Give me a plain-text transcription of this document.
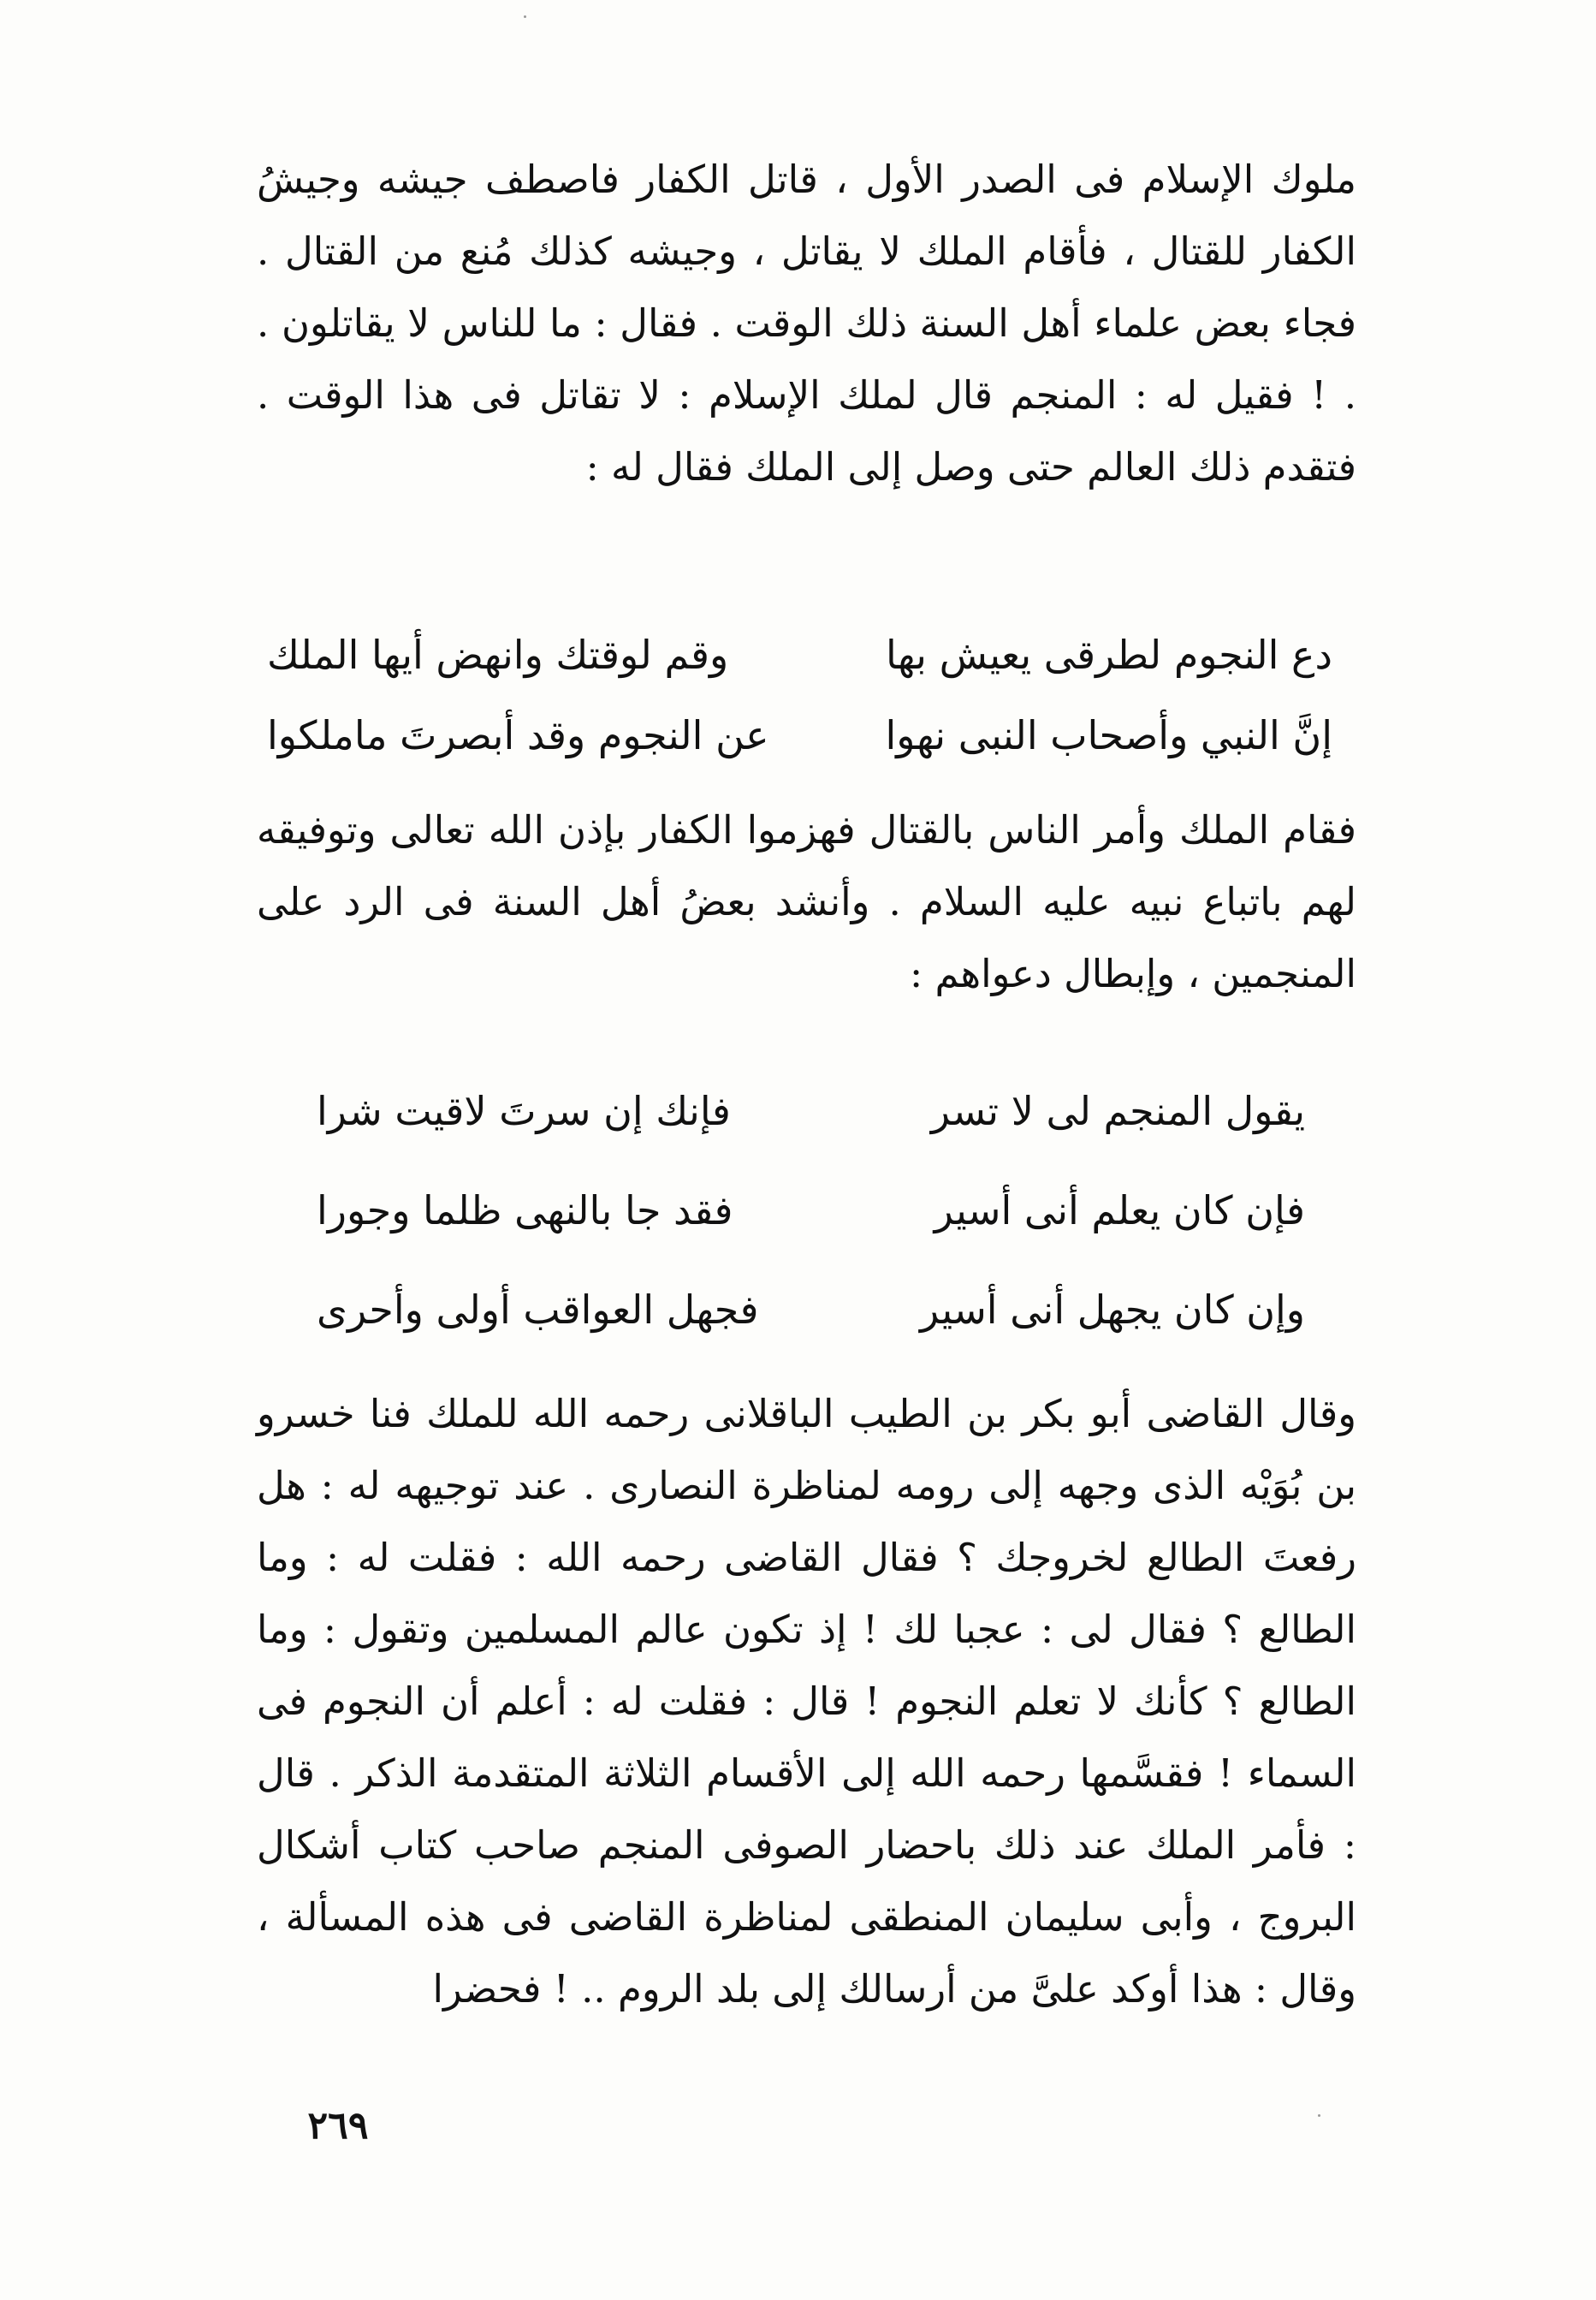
ملوك الإسلام فى الصدر الأول ، قاتل الكفار فاصطف جيشه وجيشُ الكفار للقتال ، فأقام الملك لا يقاتل ، وجيشه كذلك مُنع من القتال . فجاء بعض علماء أهل السنة ذلك الوقت . فقال : ما للناس لا يقاتلون . . ! فقيل له : المنجم قال لملك الإسلام : لا تقاتل فى هذا الوقت . فتقدم ذلك العالم حتى وصل إلى الملك فقال له :

دع النجوم لطرقى يعيش بها
وقم لوقتك وانهض أيها الملك
إنَّ النبي وأصحاب النبى نهوا
عن النجوم وقد أبصرتَ ماملكوا

فقام الملك وأمر الناس بالقتال فهزموا الكفار بإذن الله تعالى وتوفيقه لهم باتباع نبيه عليه السلام . وأنشد بعضُ أهل السنة فى الرد على المنجمين ، وإبطال دعواهم :

يقول المنجم لى لا تسر
فإنك إن سرتَ لاقيت شرا
فإن كان يعلم أنى أسير
فقد جا بالنهى ظلما وجورا
وإن كان يجهل أنى أسير
فجهل العواقب أولى وأحرى

وقال القاضى أبو بكر بن الطيب الباقلانى رحمه الله للملك فنا خسرو بن بُوَيْه الذى وجهه إلى رومه لمناظرة النصارى . عند توجيهه له : هل رفعتَ الطالع لخروجك ؟ فقال القاضى رحمه الله : فقلت له : وما الطالع ؟ فقال لى : عجبا لك ! إذ تكون عالم المسلمين وتقول : وما الطالع ؟ كأنك لا تعلم النجوم ! قال : فقلت له : أعلم أن النجوم فى السماء ! فقسَّمها رحمه الله إلى الأقسام الثلاثة المتقدمة الذكر . قال : فأمر الملك عند ذلك باحضار الصوفى المنجم صاحب كتاب أشكال البروج ، وأبى سليمان المنطقى لمناظرة القاضى فى هذه المسألة ، وقال : هذا أوكد علىَّ من أرسالك إلى بلد الروم .. ! فحضرا

٢٦٩
